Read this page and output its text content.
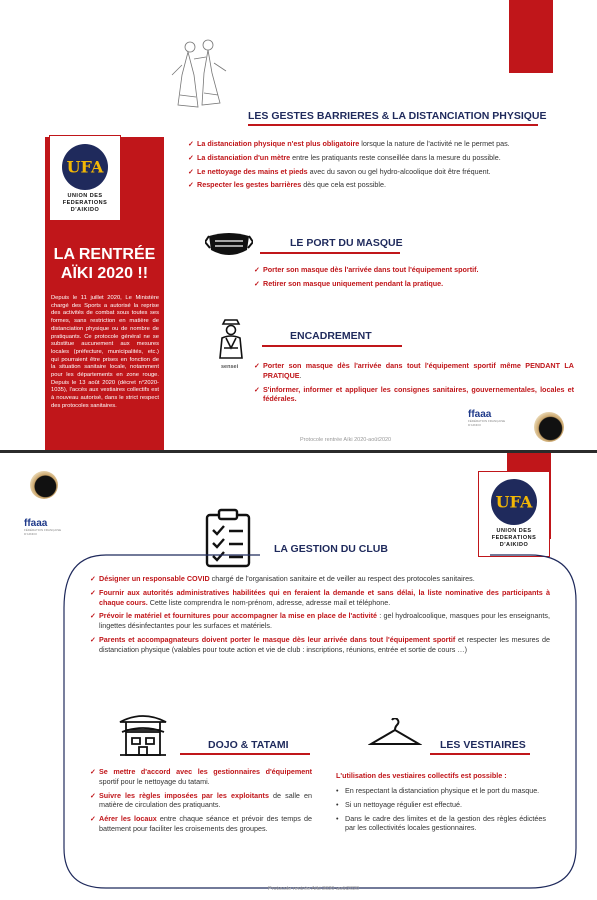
UFA
UNION DES
FEDERATIONS D'AIKIDO
LA RENTRÉE AÏKI 2020 !!
Depuis le 11 juillet 2020, Le Ministère chargé des Sports a autorisé la reprise des activités de combat sous toutes ses formes, sans restriction en matière de distanciation physique ou de nombre de pratiquants. Ce protocole général ne se substitue aucunement aux mesures locales (préfecture, municipalités, etc.) qui pourraient être prises en fonction de la situation sanitaire locale, notamment pour les départements en zone rouge. Depuis le 13 août 2020 (décret n°2020-1035), l'accès aux vestiaires collectifs est à nouveau autorisé, dans le strict respect des protocoles sanitaires.
LES GESTES BARRIERES & LA DISTANCIATION PHYSIQUE
✓ La distanciation physique n'est plus obligatoire lorsque la nature de l'activité ne le permet pas.
✓ La distanciation d'un mètre entre les pratiquants reste conseillée dans la mesure du possible.
✓ Le nettoyage des mains et pieds avec du savon ou gel hydro-alcoolique doit être fréquent.
✓ Respecter les gestes barrières dès que cela est possible.
LE PORT DU MASQUE
✓ Porter son masque dès l'arrivée dans tout l'équipement sportif.
✓ Retirer son masque uniquement pendant la pratique.
sensei
ENCADREMENT
✓ Porter son masque dès l'arrivée dans tout l'équipement sportif même PENDANT LA PRATIQUE.
✓ S'informer, informer et appliquer les consignes sanitaires, gouvernementales, locales et fédérales.
ffaaa
FÉDÉRATION FRANÇAISE
D'AIKIDO
Protocole rentrée Aïki 2020-août2020
ffaaa
FÉDÉRATION FRANÇAISE
D'AIKIDO
UFA
UNION DES
FEDERATIONS D'AIKIDO
LA GESTION DU CLUB
✓ Désigner un responsable COVID chargé de l'organisation sanitaire et de veiller au respect des protocoles sanitaires.
✓ Fournir aux autorités administratives habilitées qui en feraient la demande et sans délai, la liste nominative des participants à chaque cours. Cette liste comprendra le nom-prénom, adresse, adresse mail et téléphone.
✓ Prévoir le matériel et fournitures pour accompagner la mise en place de l'activité : gel hydroalcoolique, masques pour les enseignants, lingettes désinfectantes pour les surfaces et matériels.
✓ Parents et accompagnateurs doivent porter le masque dès leur arrivée dans tout l'équipement sportif et respecter les mesures de distanciation physique (valables pour toute action et vie de club : inscriptions, réunions, entrée et sortie de cours …)
DOJO & TATAMI
✓ Se mettre d'accord avec les gestionnaires d'équipement sportif pour le nettoyage du tatami.
✓ Suivre les règles imposées par les exploitants de salle en matière de circulation des pratiquants.
✓ Aérer les locaux entre chaque séance et prévoir des temps de battement pour faciliter les croisements des groupes.
LES VESTIAIRES
L'utilisation des vestiaires collectifs est possible :
• En respectant la distanciation physique et le port du masque.
• Si un nettoyage régulier est effectué.
• Dans le cadre des limites et de la gestion des règles édictées par les collectivités locales gestionnaires.
Protocole rentrée Aïki 2020-août2020
